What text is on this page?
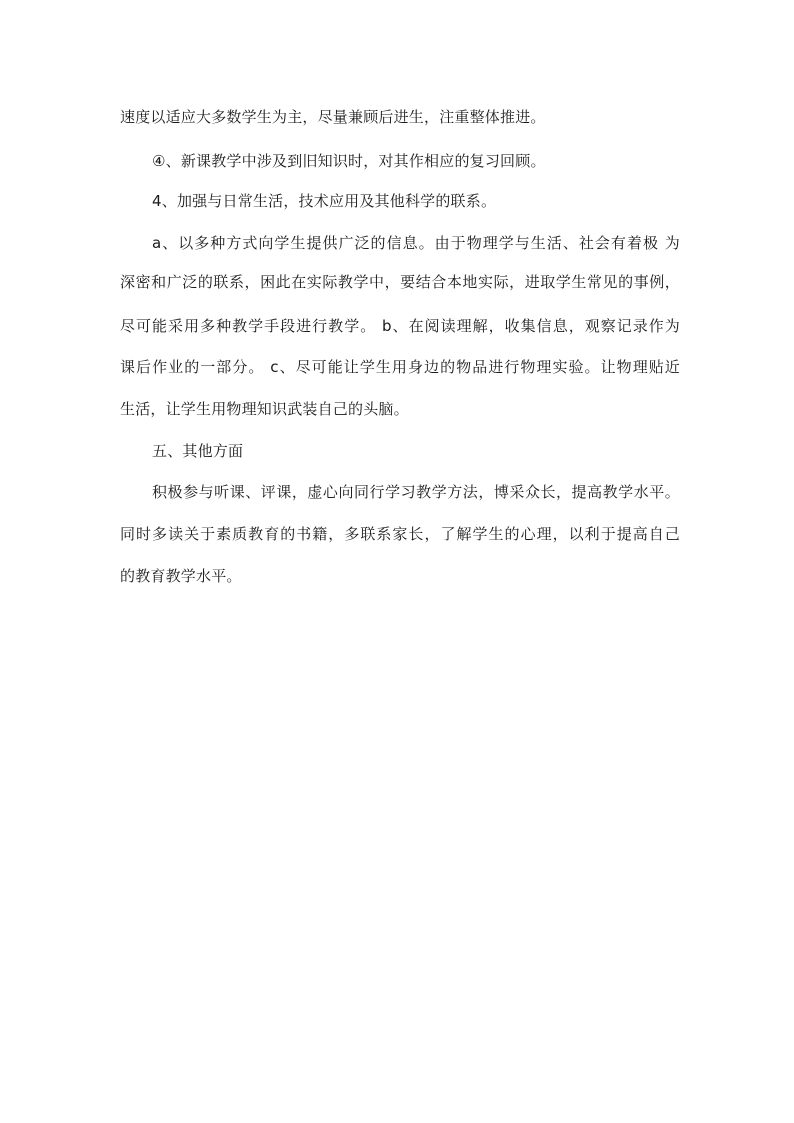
速度以适应大多数学生为主，尽量兼顾后进生，注重整体推进。
④、新课教学中涉及到旧知识时，对其作相应的复习回顾。
4、加强与日常生活，技术应用及其他科学的联系。
a、以多种方式向学生提供广泛的信息。由于物理学与生活、社会有着极 为
深密和广泛的联系，困此在实际教学中，要结合本地实际，进取学生常见的事例，
尽可能采用多种教学手段进行教学。 b、在阅读理解，收集信息，观察记录作为
课后作业的一部分。 c、尽可能让学生用身边的物品进行物理实验。让物理贴近
生活，让学生用物理知识武装自己的头脑。
五、其他方面
积极参与听课、评课，虚心向同行学习教学方法，博采众长，提高教学水平。
同时多读关于素质教育的书籍，多联系家长，了解学生的心理，以利于提高自己
的教育教学水平。
